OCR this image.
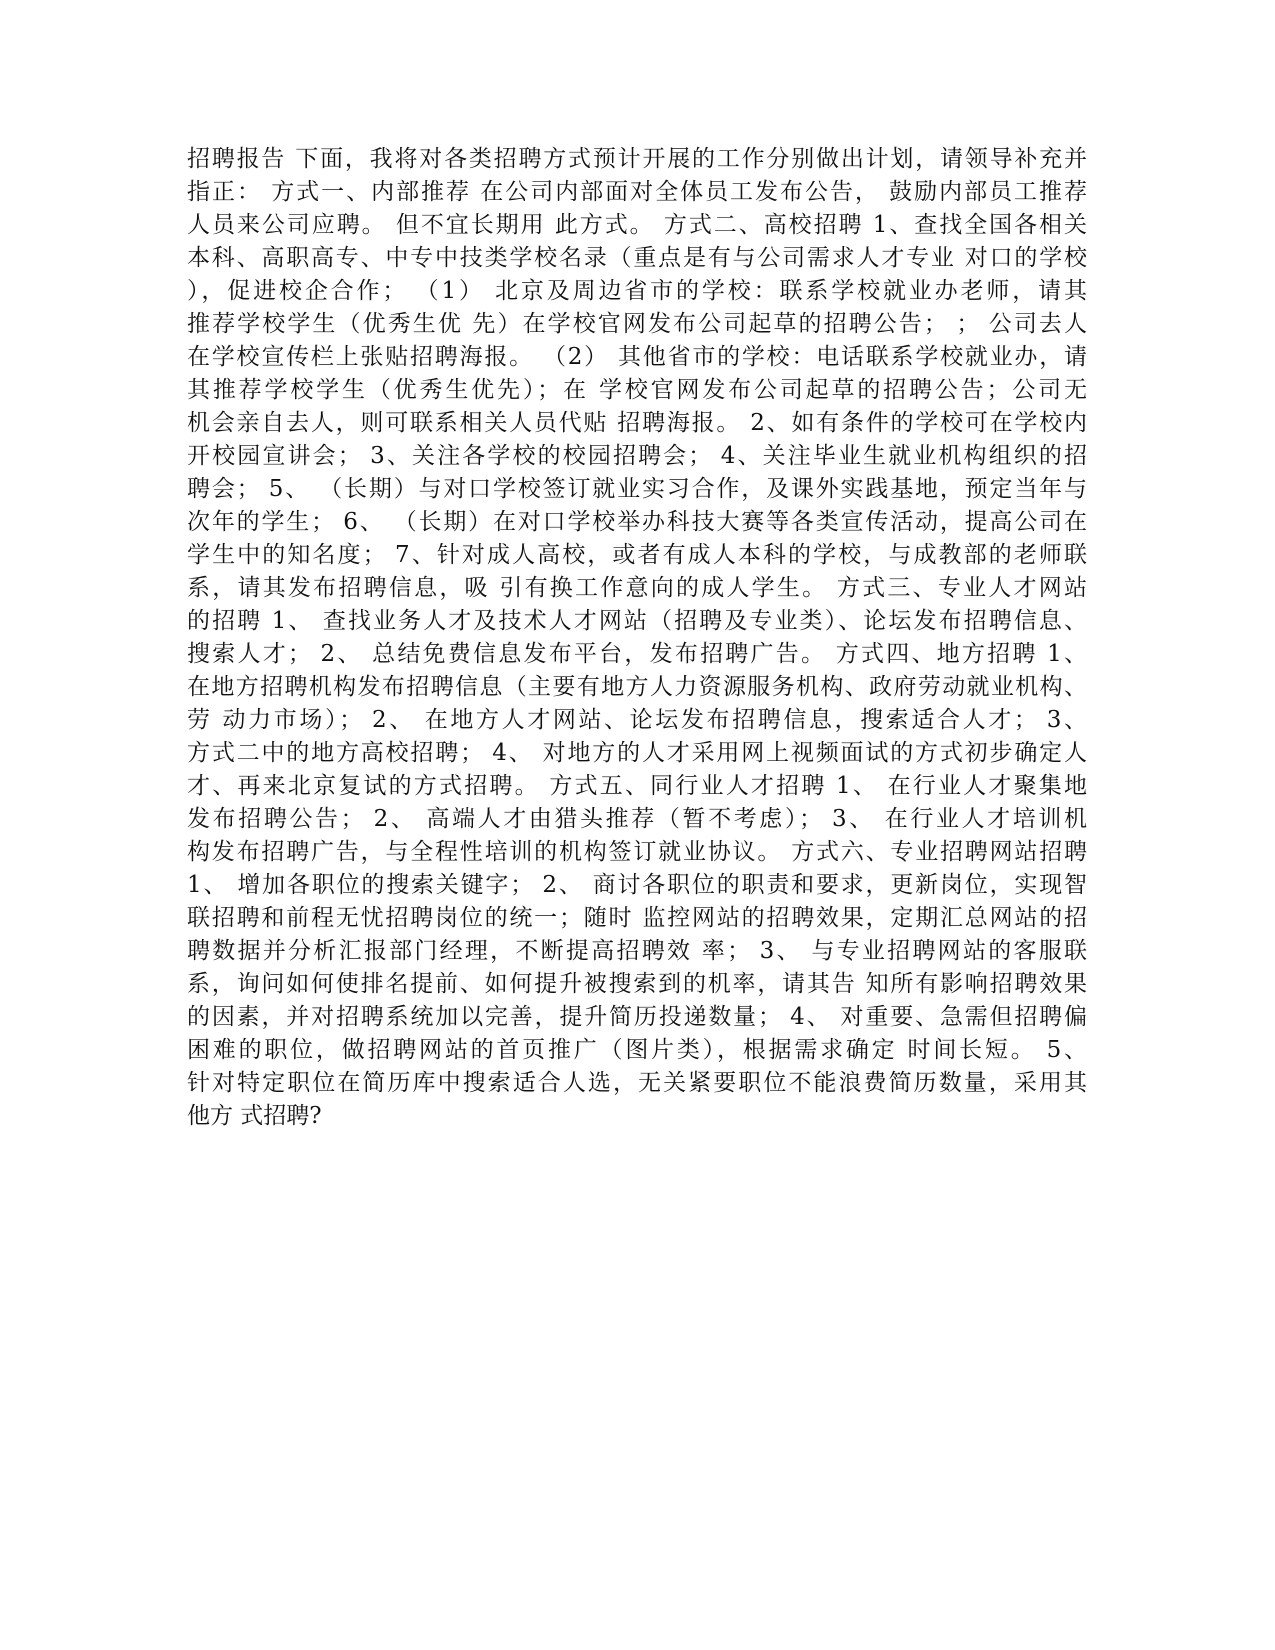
招聘报告 下面，我将对各类招聘方式预计开展的工作分别做出计划，请领导补充并
指正： 方式一、内部推荐 在公司内部面对全体员工发布公告， 鼓励内部员工推荐
人员来公司应聘。 但不宜长期用 此方式。 方式二、高校招聘 1、查找全国各相关
本科、高职高专、中专中技类学校名录（重点是有与公司需求人才专业 对口的学校
），促进校企合作； （1） 北京及周边省市的学校：联系学校就业办老师，请其
推荐学校学生（优秀生优 先）在学校官网发布公司起草的招聘公告； ； 公司去人
在学校宣传栏上张贴招聘海报。 （2） 其他省市的学校：电话联系学校就业办，请
其推荐学校学生（优秀生优先）；在 学校官网发布公司起草的招聘公告；公司无
机会亲自去人，则可联系相关人员代贴 招聘海报。 2、如有条件的学校可在学校内
开校园宣讲会； 3、关注各学校的校园招聘会； 4、关注毕业生就业机构组织的招
聘会； 5、 （长期）与对口学校签订就业实习合作，及课外实践基地，预定当年与
次年的学生； 6、 （长期）在对口学校举办科技大赛等各类宣传活动，提高公司在
学生中的知名度； 7、针对成人高校，或者有成人本科的学校，与成教部的老师联
系，请其发布招聘信息，吸 引有换工作意向的成人学生。 方式三、专业人才网站
的招聘 1、 查找业务人才及技术人才网站（招聘及专业类）、论坛发布招聘信息、
搜索人才； 2、 总结免费信息发布平台，发布招聘广告。 方式四、地方招聘 1、
在地方招聘机构发布招聘信息（主要有地方人力资源服务机构、政府劳动就业机构、
劳 动力市场）； 2、 在地方人才网站、论坛发布招聘信息，搜索适合人才； 3、
方式二中的地方高校招聘； 4、 对地方的人才采用网上视频面试的方式初步确定人
才、再来北京复试的方式招聘。 方式五、同行业人才招聘 1、 在行业人才聚集地
发布招聘公告； 2、 高端人才由猎头推荐（暂不考虑）； 3、 在行业人才培训机
构发布招聘广告，与全程性培训的机构签订就业协议。 方式六、专业招聘网站招聘
1、 增加各职位的搜索关键字； 2、 商讨各职位的职责和要求，更新岗位，实现智
联招聘和前程无忧招聘岗位的统一；随时 监控网站的招聘效果，定期汇总网站的招
聘数据并分析汇报部门经理，不断提高招聘效 率； 3、 与专业招聘网站的客服联
系，询问如何使排名提前、如何提升被搜索到的机率，请其告 知所有影响招聘效果
的因素，并对招聘系统加以完善，提升简历投递数量； 4、 对重要、急需但招聘偏
困难的职位，做招聘网站的首页推广（图片类），根据需求确定 时间长短。 5、
针对特定职位在简历库中搜索适合人选，无关紧要职位不能浪费简历数量，采用其
他方 式招聘?
